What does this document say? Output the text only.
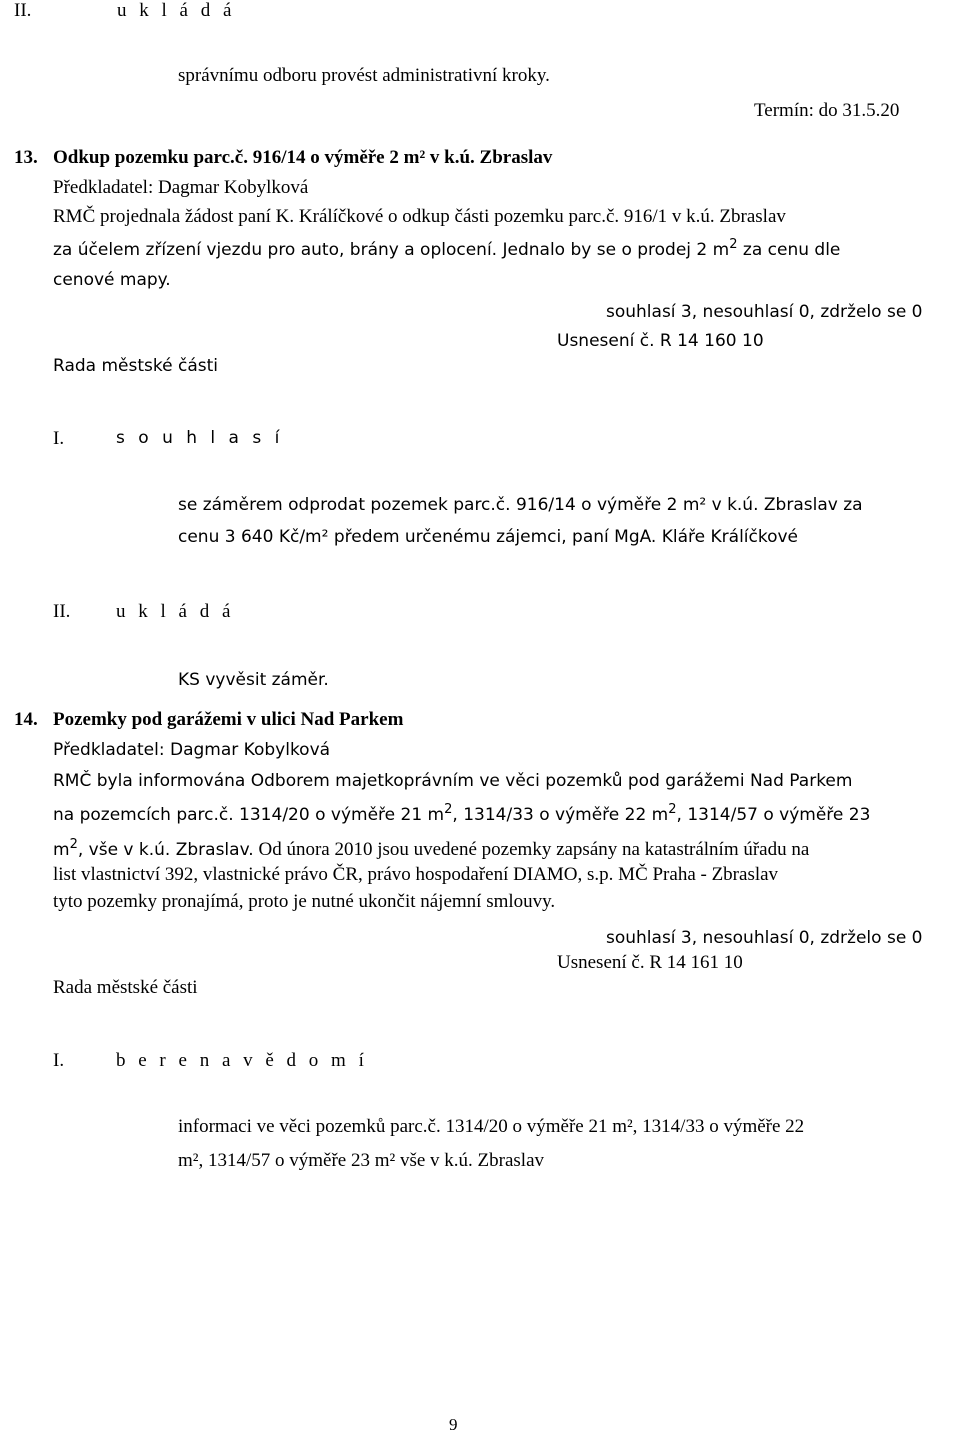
II.	u k l á d á
správnímu odboru provést administrativní kroky.
Termín: do 31.5.20
13. Odkup pozemku parc.č. 916/14 o výměře 2 m² v k.ú. Zbraslav
Předkladatel: Dagmar Kobylková
RMČ projednala žádost paní K. Králíčkové o odkup části pozemku parc.č. 916/1 v k.ú. Zbraslav
za účelem zřízení vjezdu pro auto, brány a oplocení. Jednalo by se o prodej 2 $m^2$ za cenu dle
cenové mapy.
souhlasí 3, nesouhlasí 0, zdrželo se 0
Usnesení č. R 14 160 10
Rada městské části
I.	s o u h l a s í
se záměrem odprodat pozemek parc.č. 916/14 o výměře 2 m² v k.ú. Zbraslav za
cenu 3 640 Kč/m² předem určenému zájemci, paní MgA. Kláře Králíčkové
II. u k l á d á
KS vyvěsit záměr.
14. Pozemky pod garážemi v ulici Nad Parkem
Předkladatel: Dagmar Kobylková
RMČ byla informována Odborem majetkoprávním ve věci pozemků pod garážemi Nad Parkem
na pozemcích parc.č. 1314/20 o výměře 21 $m^2$, 1314/33 o výměře 22 $m^2$, 1314/57 o výměře 23
$m^2$, vše v k.ú. Zbraslav. Od února 2010 jsou uvedené pozemky zapsány na katastrálním úřadu na
list vlastnictví 392, vlastnické právo ČR, právo hospodaření DIAMO, s.p. MČ Praha - Zbraslav
tyto pozemky pronajímá, proto je nutné ukončit nájemní smlouvy.
souhlasí 3, nesouhlasí 0, zdrželo se 0
Usnesení č. R 14 161 10
Rada městské části
I.	b e r e n a v ě d o m í
informaci ve věci pozemků parc.č. 1314/20 o výměře 21 m², 1314/33 o výměře 22
m², 1314/57 o výměře 23 m² vše v k.ú. Zbraslav
9
